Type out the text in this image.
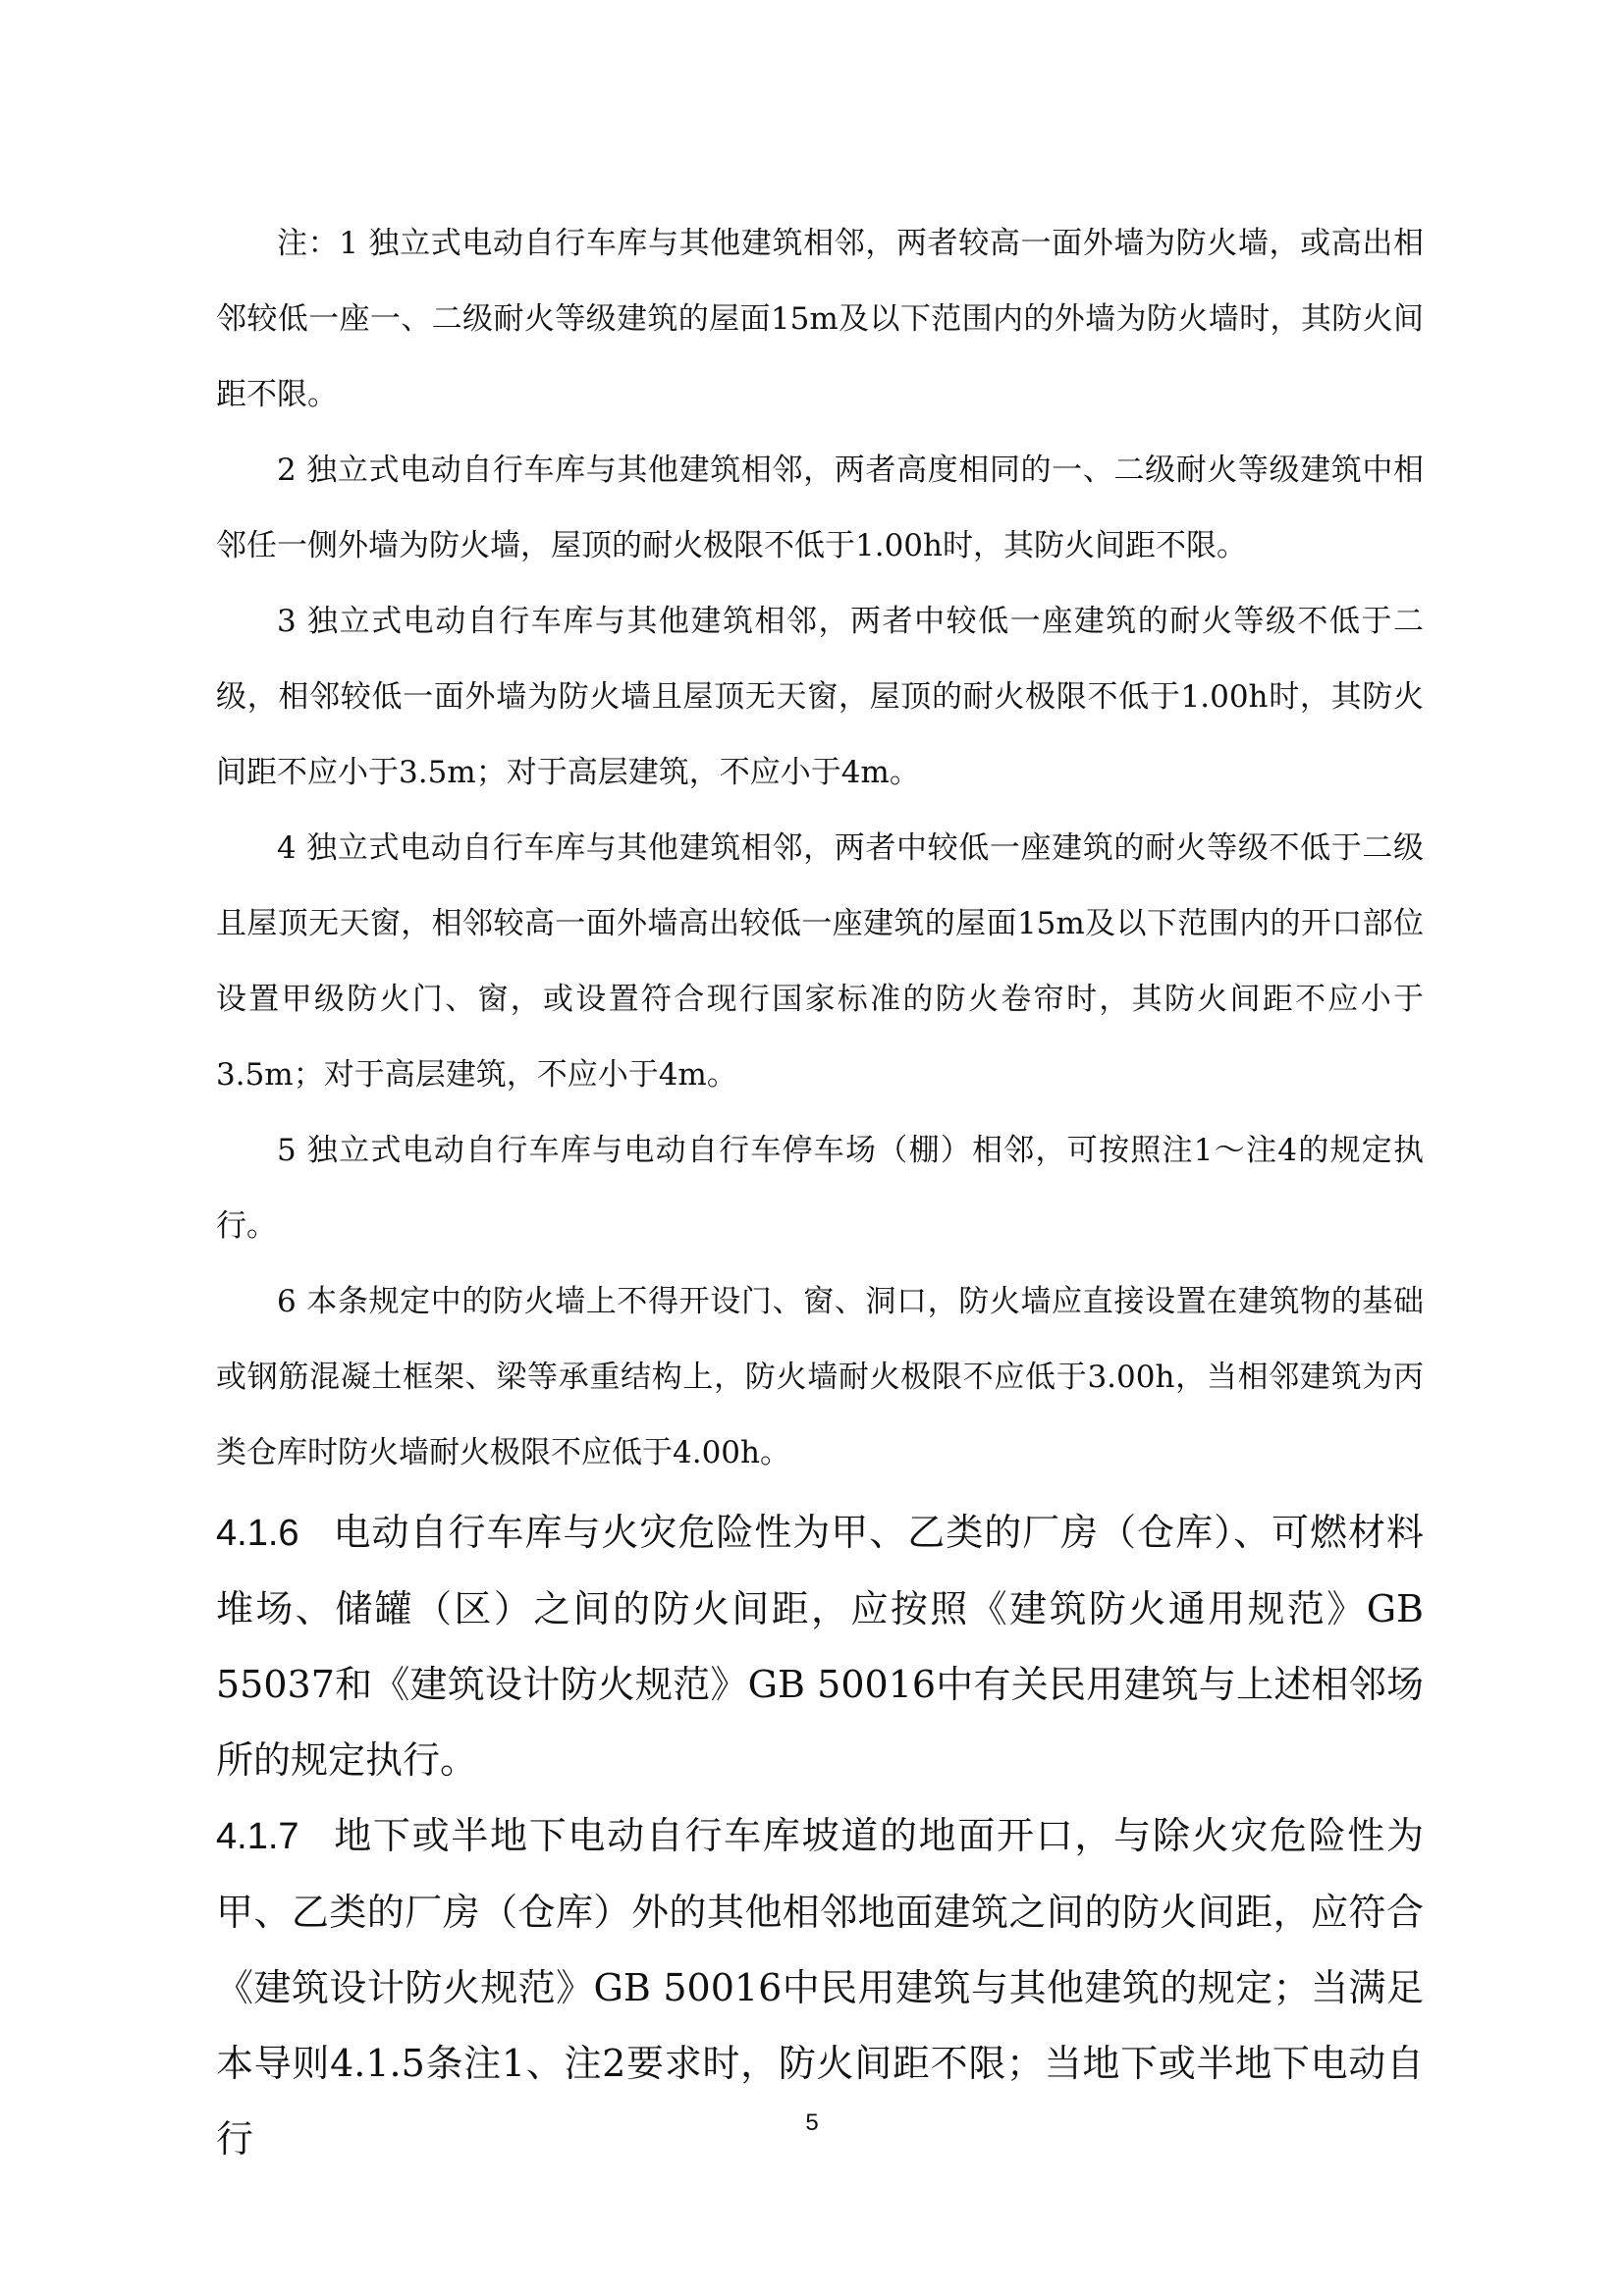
注：1 独立式电动自行车库与其他建筑相邻，两者较高一面外墙为防火墙，或高出相邻较低一座一、二级耐火等级建筑的屋面15m及以下范围内的外墙为防火墙时，其防火间距不限。

2 独立式电动自行车库与其他建筑相邻，两者高度相同的一、二级耐火等级建筑中相邻任一侧外墙为防火墙，屋顶的耐火极限不低于1.00h时，其防火间距不限。

3 独立式电动自行车库与其他建筑相邻，两者中较低一座建筑的耐火等级不低于二级，相邻较低一面外墙为防火墙且屋顶无天窗，屋顶的耐火极限不低于1.00h时，其防火间距不应小于3.5m；对于高层建筑，不应小于4m。

4 独立式电动自行车库与其他建筑相邻，两者中较低一座建筑的耐火等级不低于二级且屋顶无天窗，相邻较高一面外墙高出较低一座建筑的屋面15m及以下范围内的开口部位设置甲级防火门、窗，或设置符合现行国家标准的防火卷帘时，其防火间距不应小于3.5m；对于高层建筑，不应小于4m。

5 独立式电动自行车库与电动自行车停车场（棚）相邻，可按照注1～注4的规定执行。

6 本条规定中的防火墙上不得开设门、窗、洞口，防火墙应直接设置在建筑物的基础或钢筋混凝土框架、梁等承重结构上，防火墙耐火极限不应低于3.00h，当相邻建筑为丙类仓库时防火墙耐火极限不应低于4.00h。

4.1.6 电动自行车库与火灾危险性为甲、乙类的厂房（仓库）、可燃材料堆场、储罐（区）之间的防火间距，应按照《建筑防火通用规范》GB 55037和《建筑设计防火规范》GB 50016中有关民用建筑与上述相邻场所的规定执行。

4.1.7 地下或半地下电动自行车库坡道的地面开口，与除火灾危险性为甲、乙类的厂房（仓库）外的其他相邻地面建筑之间的防火间距，应符合《建筑设计防火规范》GB 50016中民用建筑与其他建筑的规定；当满足本导则4.1.5条注1、注2要求时，防火间距不限；当地下或半地下电动自行	5
